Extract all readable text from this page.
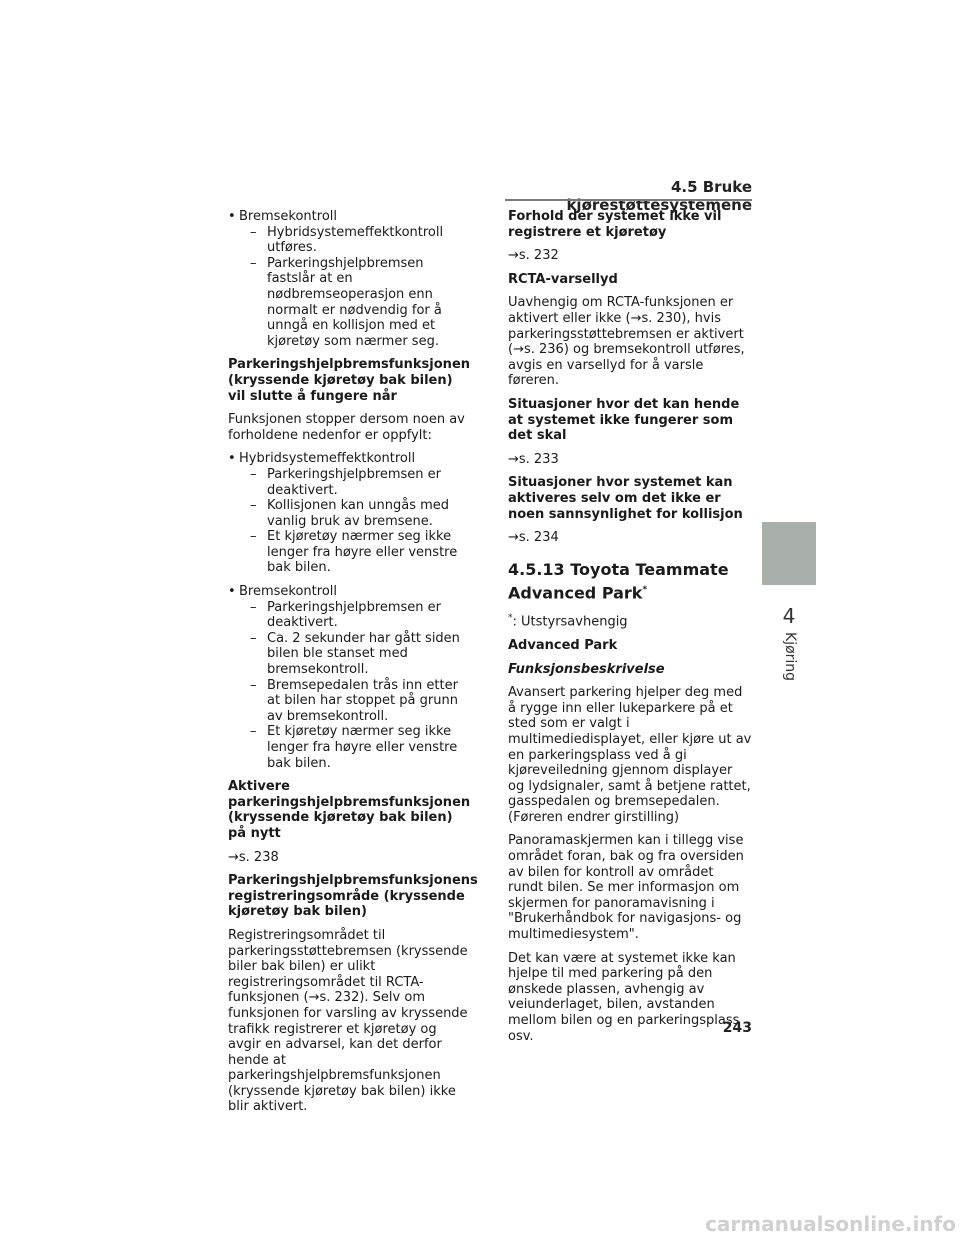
4.5 Bruke kjørestøttesystemene
• Bremsekontroll
– Hybridsystemeffektkontroll utføres.
– Parkeringshjelpbremsen fastslår at en nødbremseoperasjon enn normalt er nødvendig for å unngå en kollisjon med et kjøretøy som nærmer seg.
Parkeringshjelpbremsfunksjonen (kryssende kjøretøy bak bilen) vil slutte å fungere når
Funksjonen stopper dersom noen av forholdene nedenfor er oppfylt:
• Hybridsystemeffektkontroll
– Parkeringshjelpbremsen er deaktivert.
– Kollisjonen kan unngås med vanlig bruk av bremsene.
– Et kjøretøy nærmer seg ikke lenger fra høyre eller venstre bak bilen.
• Bremsekontroll
– Parkeringshjelpbremsen er deaktivert.
– Ca. 2 sekunder har gått siden bilen ble stanset med bremsekontroll.
– Bremsepedalen trås inn etter at bilen har stoppet på grunn av bremsekontroll.
– Et kjøretøy nærmer seg ikke lenger fra høyre eller venstre bak bilen.
Aktivere parkeringshjelpbremsfunksjonen (kryssende kjøretøy bak bilen) på nytt
→s. 238
Parkeringshjelpbremsfunksjonens registreringsområde (kryssende kjøretøy bak bilen)
Registreringsområdet til parkeringsstøttebremsen (kryssende biler bak bilen) er ulikt registreringsområdet til RCTA-funksjonen (→s. 232). Selv om funksjonen for varsling av kryssende trafikk registrerer et kjøretøy og avgir en advarsel, kan det derfor hende at parkeringshjelpbremsfunksjonen (kryssende kjøretøy bak bilen) ikke blir aktivert.
Forhold der systemet ikke vil registrere et kjøretøy
→s. 232
RCTA-varsellyd
Uavhengig om RCTA-funksjonen er aktivert eller ikke (→s. 230), hvis parkeringsstøttebremsen er aktivert (→s. 236) og bremsekontroll utføres, avgis en varsellyd for å varsle føreren.
Situasjoner hvor det kan hende at systemet ikke fungerer som det skal
→s. 233
Situasjoner hvor systemet kan aktiveres selv om det ikke er noen sannsynlighet for kollisjon
→s. 234
4.5.13 Toyota Teammate Advanced Park*
*: Utstyrsavhengig
Advanced Park
Funksjonsbeskrivelse
Avansert parkering hjelper deg med å rygge inn eller lukeparkere på et sted som er valgt i multimediedisplayet, eller kjøre ut av en parkeringsplass ved å gi kjøreveiledning gjennom displayer og lydsignaler, samt å betjene rattet, gasspedalen og bremsepedalen.
(Føreren endrer girstilling)
Panoramaskjermen kan i tillegg vise området foran, bak og fra oversiden av bilen for kontroll av området rundt bilen. Se mer informasjon om skjermen for panoramavisning i "Brukerhåndbok for navigasjons- og multimediesystem".
Det kan være at systemet ikke kan hjelpe til med parkering på den ønskede plassen, avhengig av veiunderlaget, bilen, avstanden mellom bilen og en parkeringsplass osv.
4
Kjøring
243
carmanualsonline.info
